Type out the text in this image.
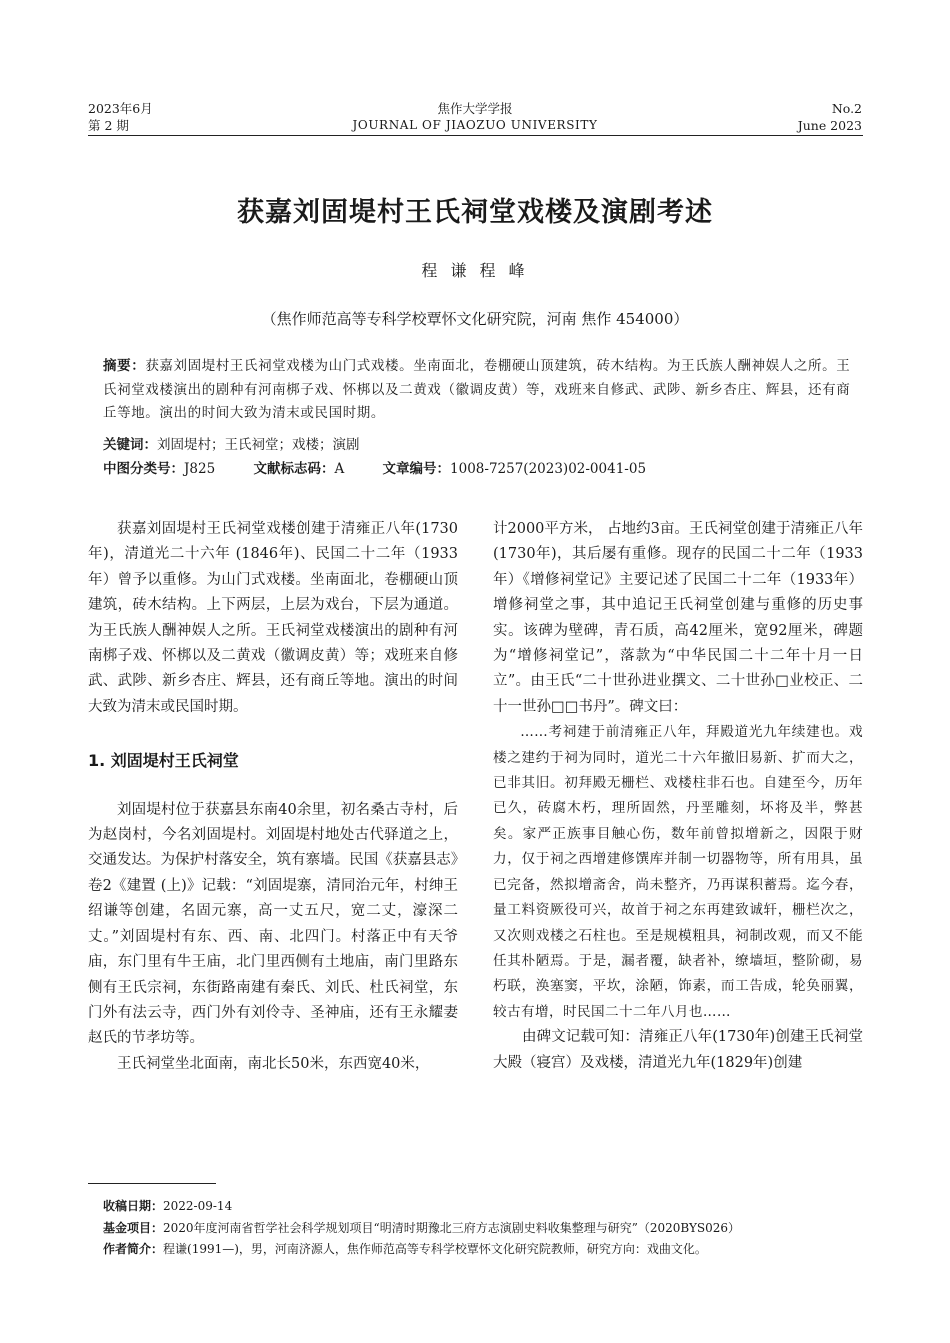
2023年6月
第 2 期
焦作大学学报
JOURNAL OF JIAOZUO UNIVERSITY
No.2
June 2023
获嘉刘固堤村王氏祠堂戏楼及演剧考述
程 谦 程 峰
（焦作师范高等专科学校覃怀文化研究院，河南 焦作 454000）
摘要：获嘉刘固堤村王氏祠堂戏楼为山门式戏楼。坐南面北，卷棚硬山顶建筑，砖木结构。为王氏族人酬神娱人之所。王氏祠堂戏楼演出的剧种有河南梆子戏、怀梆以及二黄戏（徽调皮黄）等，戏班来自修武、武陟、新乡杏庄、辉县，还有商丘等地。演出的时间大致为清末或民国时期。
关键词：刘固堤村；王氏祠堂；戏楼；演剧
中图分类号：J825	文献标志码：A	文章编号：1008-7257(2023)02-0041-05

获嘉刘固堤村王氏祠堂戏楼创建于清雍正八年(1730年)，清道光二十六年 (1846年)、民国二十二年（1933年）曾予以重修。为山门式戏楼。坐南面北，卷棚硬山顶建筑，砖木结构。上下两层，上层为戏台，下层为通道。为王氏族人酬神娱人之所。王氏祠堂戏楼演出的剧种有河南梆子戏、怀梆以及二黄戏（徽调皮黄）等；戏班来自修武、武陟、新乡杏庄、辉县，还有商丘等地。演出的时间大致为清末或民国时期。

1. 刘固堤村王氏祠堂

刘固堤村位于获嘉县东南40余里，初名桑古寺村，后为赵岗村，今名刘固堤村。刘固堤村地处古代驿道之上，交通发达。为保护村落安全，筑有寨墙。民国《获嘉县志》卷2《建置 (上)》记载：“刘固堤寨，清同治元年，村绅王绍谦等创建，名固元寨，高一丈五尺，宽二丈，濠深二丈。”刘固堤村有东、西、南、北四门。村落正中有天爷庙，东门里有牛王庙，北门里西侧有土地庙，南门里路东侧有王氏宗祠，东街路南建有秦氏、刘氏、杜氏祠堂，东门外有法云寺，西门外有刘伶寺、圣神庙，还有王永耀妻赵氏的节孝坊等。

王氏祠堂坐北面南，南北长50米，东西宽40米，

计2000平方米， 占地约3亩。王氏祠堂创建于清雍正八年(1730年)，其后屡有重修。现存的民国二十二年（1933年）《增修祠堂记》主要记述了民国二十二年（1933年）增修祠堂之事，其中追记王氏祠堂创建与重修的历史事实。该碑为壁碑，青石质，高42厘米，宽92厘米，碑题为“增修祠堂记”，落款为“中华民国二十二年十月一日立”。由王氏“二十世孙进业撰文、二十世孙□业校正、二十一世孙□□书丹”。碑文曰：

……考祠建于前清雍正八年，拜殿道光九年续建也。戏楼之建约于祠为同时，道光二十六年撤旧易新、扩而大之，已非其旧。初拜殿无栅栏、戏楼柱非石也。自建至今，历年已久，砖腐木朽，理所固然，丹垩雕刻，坏将及半，弊甚矣。家严正族事目触心伤，数年前曾拟增新之，因限于财力，仅于祠之西增建修馔库并制一切器物等，所有用具，虽已完备，然拟增斋舍，尚未整齐，乃再谋积蓄焉。迄今春，量工料资厥役可兴，故首于祠之东再建致诚轩，栅栏次之，又次则戏楼之石柱也。至是规模粗具，祠制改观，而又不能任其朴陋焉。于是，漏者覆，缺者补，缭墙垣，整阶砌，易朽联，涣塞窦，平坎，涂陋，饰素，而工告成，轮奂丽翼，较古有增，时民国二十二年八月也……

由碑文记载可知：清雍正八年(1730年)创建王氏祠堂大殿（寝宫）及戏楼，清道光九年(1829年)创建

收稿日期：2022-09-14
基金项目：2020年度河南省哲学社会科学规划项目“明清时期豫北三府方志演剧史料收集整理与研究”（2020BYS026）
作者简介：程谦(1991—)，男，河南济源人，焦作师范高等专科学校覃怀文化研究院教师，研究方向：戏曲文化。
